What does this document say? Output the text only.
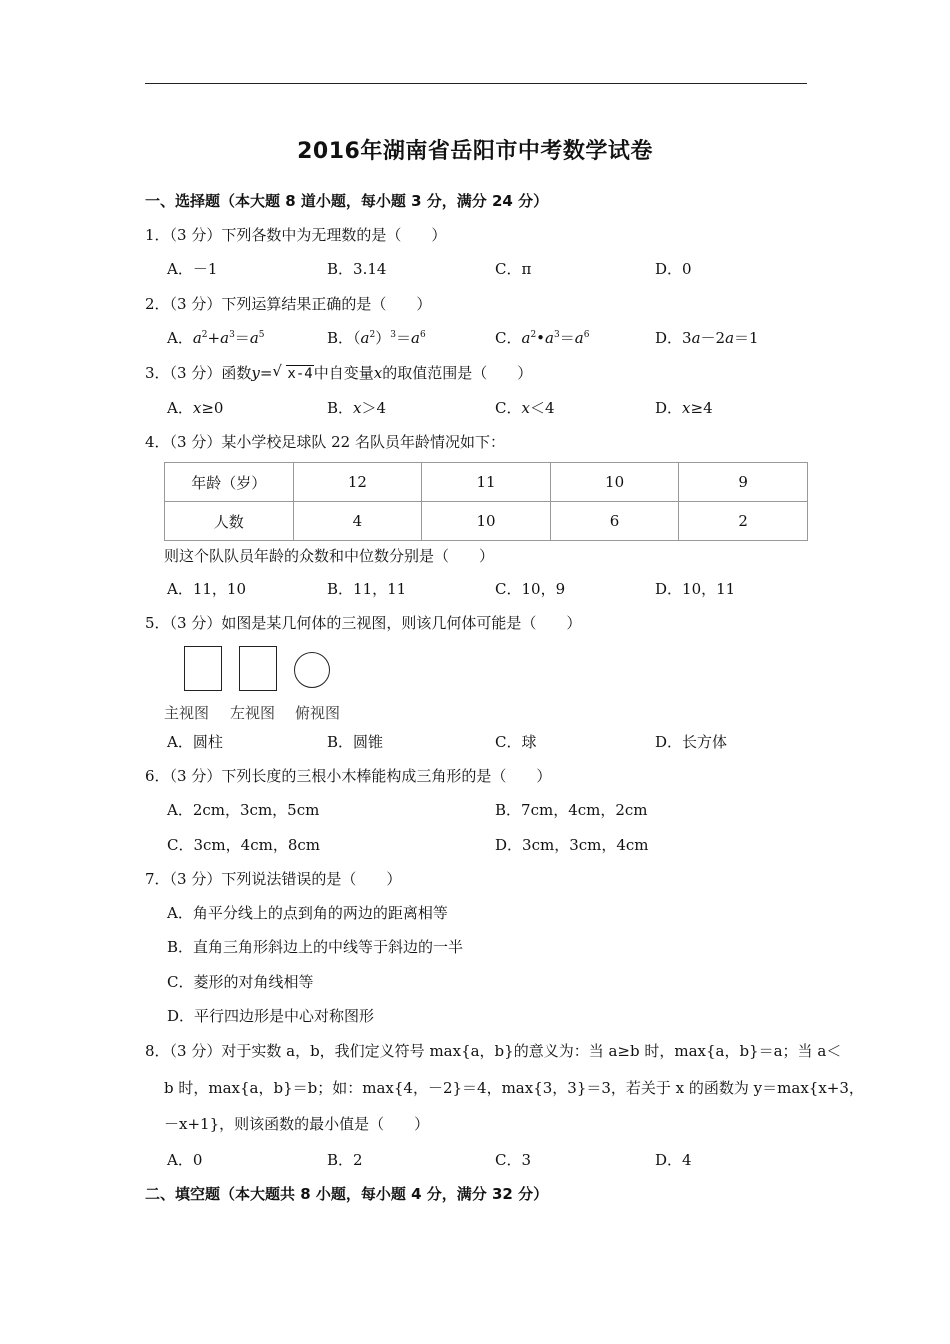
2016年湖南省岳阳市中考数学试卷
一、选择题（本大题 8 道小题，每小题 3 分，满分 24 分）
1．（3 分）下列各数中为无理数的是（　　）
A．－1	B．3.14	C．π	D．0
2．（3 分）下列运算结果正确的是（　　）
A．$a^2+a^3=a^5$	B．$(a^2)^3=a^6$	C．$a^2•a^3=a^6$	D．3a－2a＝1
3．（3 分）函数y= √ x-4中自变量x的取值范围是（　　）
A．x≥0	B．x＞4	C．x＜4	D．x≥4
4．（3 分）某小学校足球队 22 名队员年龄情况如下：
年龄（岁）	12	11	10	9
人数	4	10	6	2
则这个队队员年龄的众数和中位数分别是（　　）
A．11，10	B．11，11	C．10，9	D．10，11
5．（3 分）如图是某几何体的三视图，则该几何体可能是（　　）
主视图 左视图 俯视图
A．圆柱	B．圆锥	C．球	D．长方体
6．（3 分）下列长度的三根小木棒能构成三角形的是（　　）
A．2cm，3cm，5cm	B．7cm，4cm，2cm
C．3cm，4cm，8cm	D．3cm，3cm，4cm
7．（3 分）下列说法错误的是（　　）
A．角平分线上的点到角的两边的距离相等
B．直角三角形斜边上的中线等于斜边的一半
C．菱形的对角线相等
D．平行四边形是中心对称图形
8．（3 分）对于实数 a，b，我们定义符号 max{a，b}的意义为：当 a≥b 时，max{a，b}＝a；当 a＜
b 时，max{a，b}＝b；如：max{4，－2}＝4，max{3，3}＝3，若关于 x 的函数为 y＝max{x+3，
－x+1}，则该函数的最小值是（　　）
A．0	B．2	C．3	D．4
二、填空题（本大题共 8 小题，每小题 4 分，满分 32 分）
